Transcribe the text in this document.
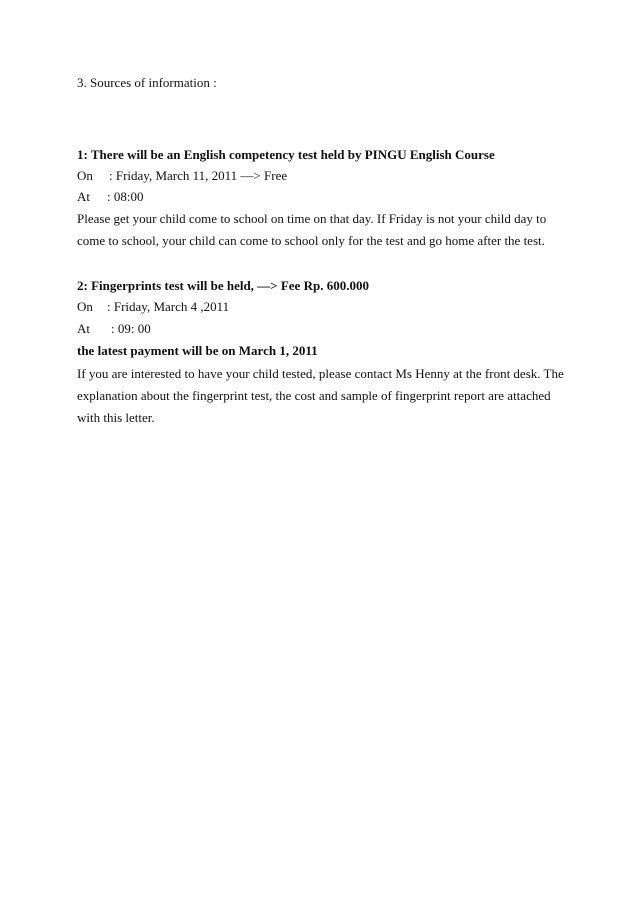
3. Sources of information :
1: There will be an English competency test held by PINGU English Course
On : Friday, March 11, 2011 —> Free
At : 08:00
Please get your child come to school on time on that day. If Friday is not your child day to
come to school, your child can come to school only for the test and go home after the test.
2: Fingerprints test will be held, —> Fee Rp. 600.000
On : Friday, March 4 ,2011
At : 09: 00
the latest payment will be on March 1, 2011
If you are interested to have your child tested, please contact Ms Henny at the front desk. The
explanation about the fingerprint test, the cost and sample of fingerprint report are attached
with this letter.
